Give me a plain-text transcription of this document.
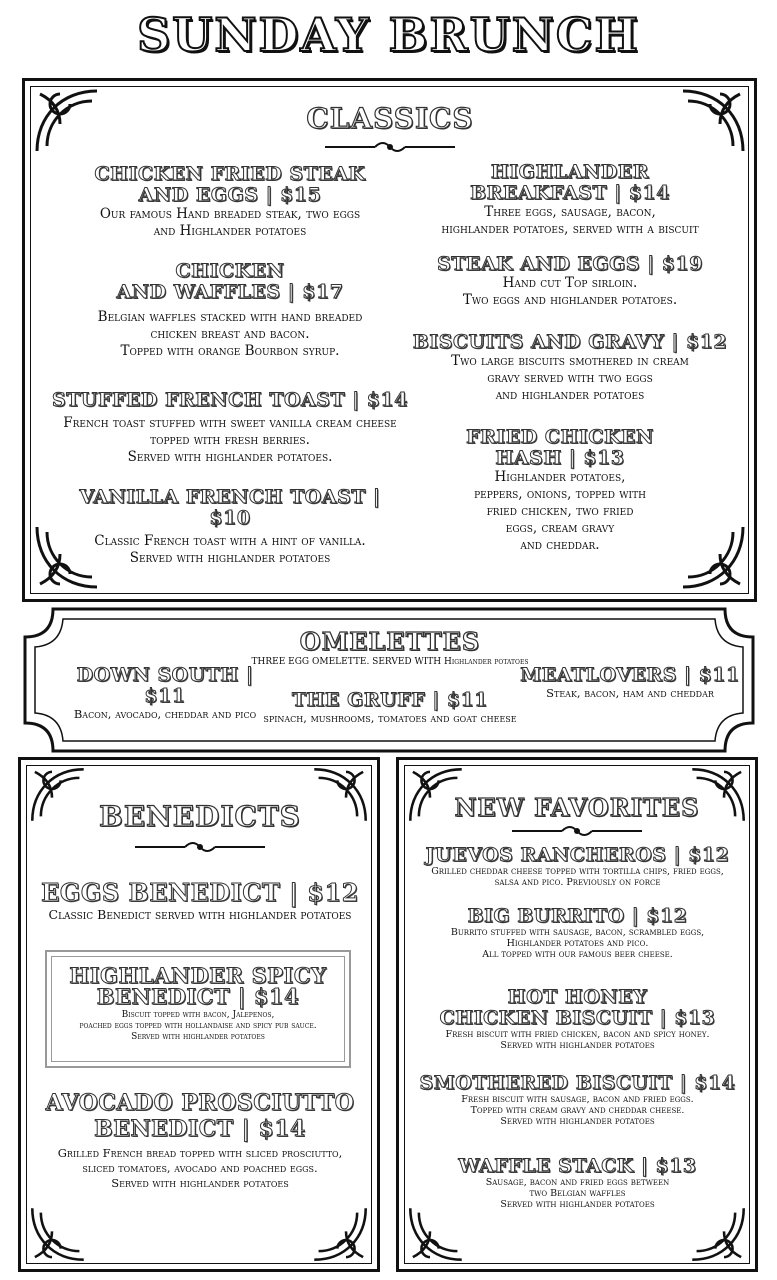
SUNDAY BRUNCH
CLASSICS
CHICKEN FRIED STEAK
AND EGGS | $15
Our famous Hand breaded steak, two eggs
and Highlander potatoes
CHICKEN
AND WAFFLES | $17
Belgian waffles stacked with hand breaded
chicken breast and bacon.
Topped with orange Bourbon syrup.
STUFFED FRENCH TOAST | $14
French toast stuffed with sweet vanilla cream cheese
topped with fresh berries.
Served with highlander potatoes.
VANILLA FRENCH TOAST | $10
Classic French toast with a hint of vanilla.
Served with highlander potatoes
HIGHLANDER
BREAKFAST | $14
Three eggs, sausage, bacon,
highlander potatoes, served with a biscuit
STEAK AND EGGS | $19
Hand cut Top sirloin.
Two eggs and highlander potatoes.
BISCUITS AND GRAVY | $12
Two large biscuits smothered in cream
gravy served with two eggs
and highlander potatoes
FRIED CHICKEN
HASH | $13
Highlander potatoes,
peppers, onions, topped with
fried chicken, two fried
eggs, cream gravy
and cheddar.
OMELETTES
THREE EGG OMELETTE. SERVED WITH Highlander potatoes
DOWN SOUTH | $11
Bacon, avocado, cheddar and pico
THE GRUFF | $11
spinach, mushrooms, tomatoes and goat cheese
MEATLOVERS | $11
Steak, bacon, ham and cheddar
BENEDICTS
EGGS BENEDICT | $12
Classic Benedict served with highlander potatoes
HIGHLANDER SPICY
BENEDICT | $14
Biscuit topped with bacon, Jalepenos,
poached eggs topped with hollandaise and spicy pub sauce.
Served with highlander potatoes
AVOCADO PROSCIUTTO
BENEDICT | $14
Grilled French bread topped with sliced prosciutto,
sliced tomatoes, avocado and poached eggs.
Served with highlander potatoes
NEW FAVORITES
JUEVOS RANCHEROS | $12
Grilled cheddar cheese topped with tortilla chips, fried eggs,
salsa and pico. Previously on force
BIG BURRITO | $12
Burrito stuffed with sausage, bacon, scrambled eggs,
Highlander potatoes and pico.
All topped with our famous beer cheese.
HOT HONEY
CHICKEN BISCUIT | $13
Fresh biscuit with fried chicken, bacon and spicy honey.
Served with highlander potatoes
SMOTHERED BISCUIT | $14
Fresh biscuit with sausage, bacon and fried eggs.
Topped with cream gravy and cheddar cheese.
Served with highlander potatoes
WAFFLE STACK | $13
Sausage, bacon and fried eggs between
two Belgian waffles
Served with highlander potatoes
